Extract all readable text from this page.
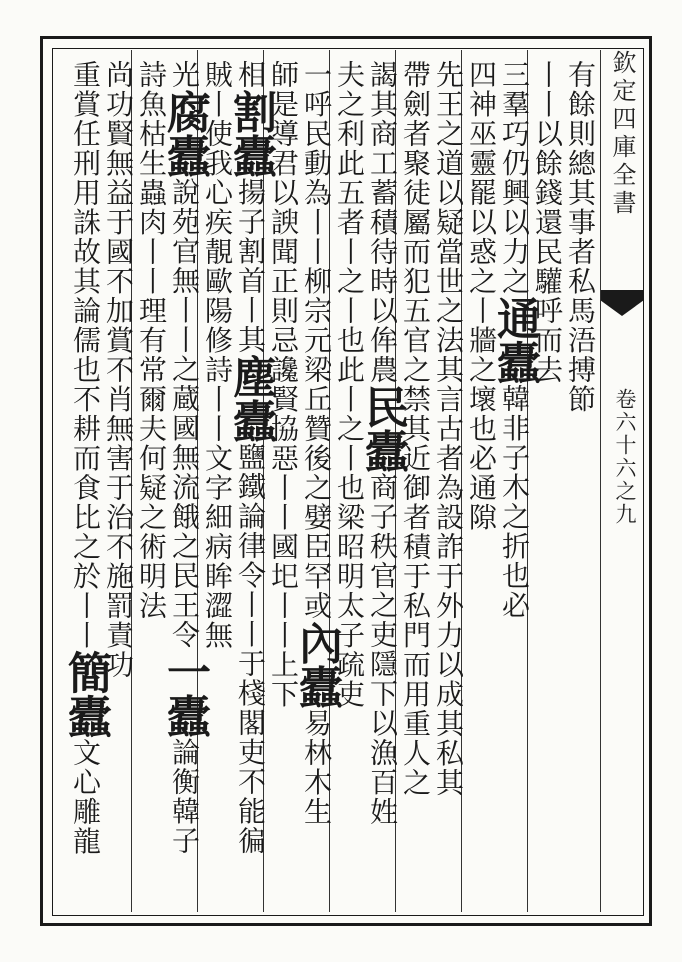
欽定四庫全書
卷六十六之九
有餘則總其事者私馬浯搏節
丨丨以餘錢還民驩呼而去
三羣巧仍興以力之通蠹韓非子木之折也必
四神巫靈罷以惑之丨牆之壞也必通隙
先王之道以疑當世之法其言古者為設詐于外力以成其私其
帶劍者聚徒屬而犯五官之禁其近御者積于私門而用重人之
謁其商工蓄積待時以侔農民蠹商子秩官之吏隱下以漁百姓
夫之利此五者丨之丨也此丨之丨也梁昭明太子疏吏
一呼民動為丨丨柳宗元梁丘贊後之嬖臣罕或內蠹易林木生
師是導君以諛聞正則忌讒賢協惡丨丨國圯丨丨上下
相割蠹揚子割首丨其塵蠹鹽鐵論律令丨丨于棧閣吏不能徧
賊丨使我心疾靚歐陽修詩丨丨文字細病眸澀無
光腐蠹說苑官無丨丨之蔵國無流餓之民王令一蠹論衡韓子
詩魚枯生蟲肉丨丨理有常爾夫何疑之術明法
尚功賢無益于國不加賞不肖無害于治不施罰責功
重賞任刑用誅故其論儒也不耕而食比之於丨丨簡蠹文心雕龍
